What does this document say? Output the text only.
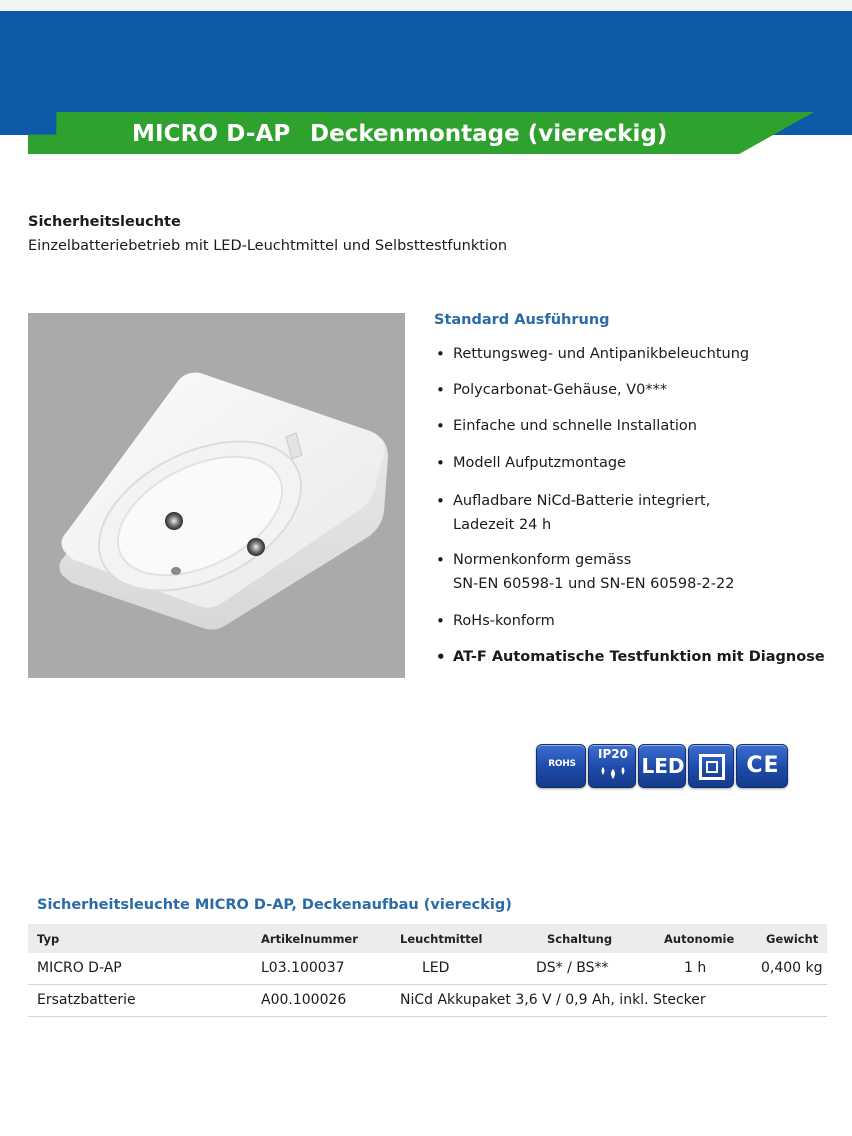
MICRO D-AP Deckenmontage (viereckig)
Sicherheitsleuchte
Einzelbatteriebetrieb mit LED-Leuchtmittel und Selbsttestfunktion
Standard Ausführung
• Rettungsweg- und Antipanikbeleuchtung
• Polycarbonat-Gehäuse, V0***
• Einfache und schnelle Installation
• Modell Aufputzmontage
• Aufladbare NiCd-Batterie integriert,
Ladezeit 24 h
• Normenkonform gemäss
SN-EN 60598-1 und SN-EN 60598-2-22
• RoHs-konform
• AT-F Automatische Testfunktion mit Diagnose
ROHS
IP20 LED	CE
Sicherheitsleuchte MICRO D-AP, Deckenaufbau (viereckig)
Typ	Artikelnummer	Leuchtmittel	Schaltung	Autonomie	Gewicht
MICRO D-AP	L03.100037	LED	DS* / BS**	1 h	0,400 kg
Ersatzbatterie	A00.100026	NiCd Akkupaket 3,6 V / 0,9 Ah, inkl. Stecker
